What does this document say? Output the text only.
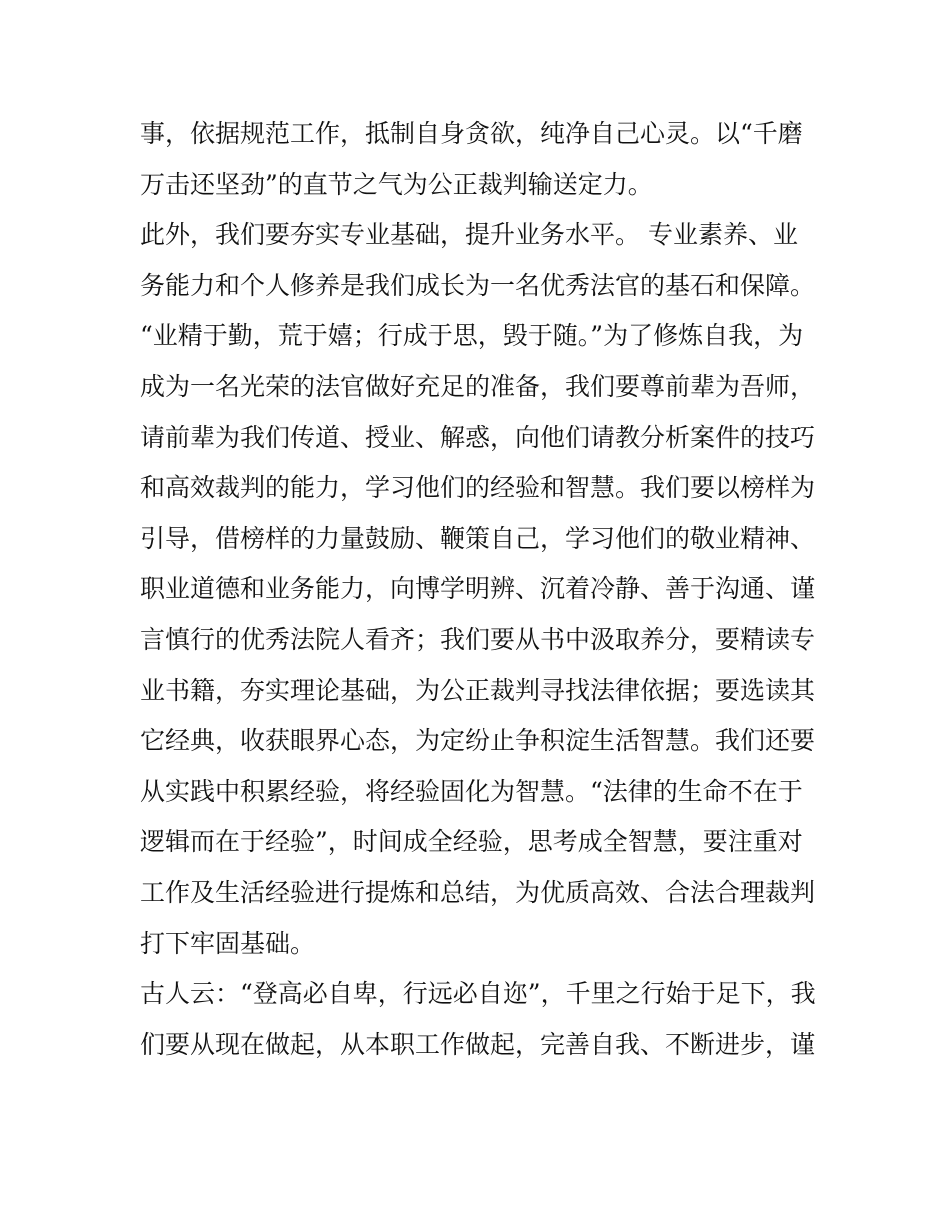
事，依据规范工作，抵制自身贪欲，纯净自己心灵。以“千磨
万击还坚劲”的直节之气为公正裁判输送定力。
此外，我们要夯实专业基础，提升业务水平。 专业素养、业
务能力和个人修养是我们成长为一名优秀法官的基石和保障。
“业精于勤，荒于嬉；行成于思，毁于随。”为了修炼自我，为
成为一名光荣的法官做好充足的准备，我们要尊前辈为吾师，
请前辈为我们传道、授业、解惑，向他们请教分析案件的技巧
和高效裁判的能力，学习他们的经验和智慧。我们要以榜样为
引导，借榜样的力量鼓励、鞭策自己，学习他们的敬业精神、
职业道德和业务能力，向博学明辨、沉着冷静、善于沟通、谨
言慎行的优秀法院人看齐；我们要从书中汲取养分，要精读专
业书籍，夯实理论基础，为公正裁判寻找法律依据；要选读其
它经典，收获眼界心态，为定纷止争积淀生活智慧。我们还要
从实践中积累经验，将经验固化为智慧。“法律的生命不在于
逻辑而在于经验”，时间成全经验，思考成全智慧，要注重对
工作及生活经验进行提炼和总结，为优质高效、合法合理裁判
打下牢固基础。
古人云：“登高必自卑，行远必自迩”，千里之行始于足下，我
们要从现在做起，从本职工作做起，完善自我、不断进步，谨
